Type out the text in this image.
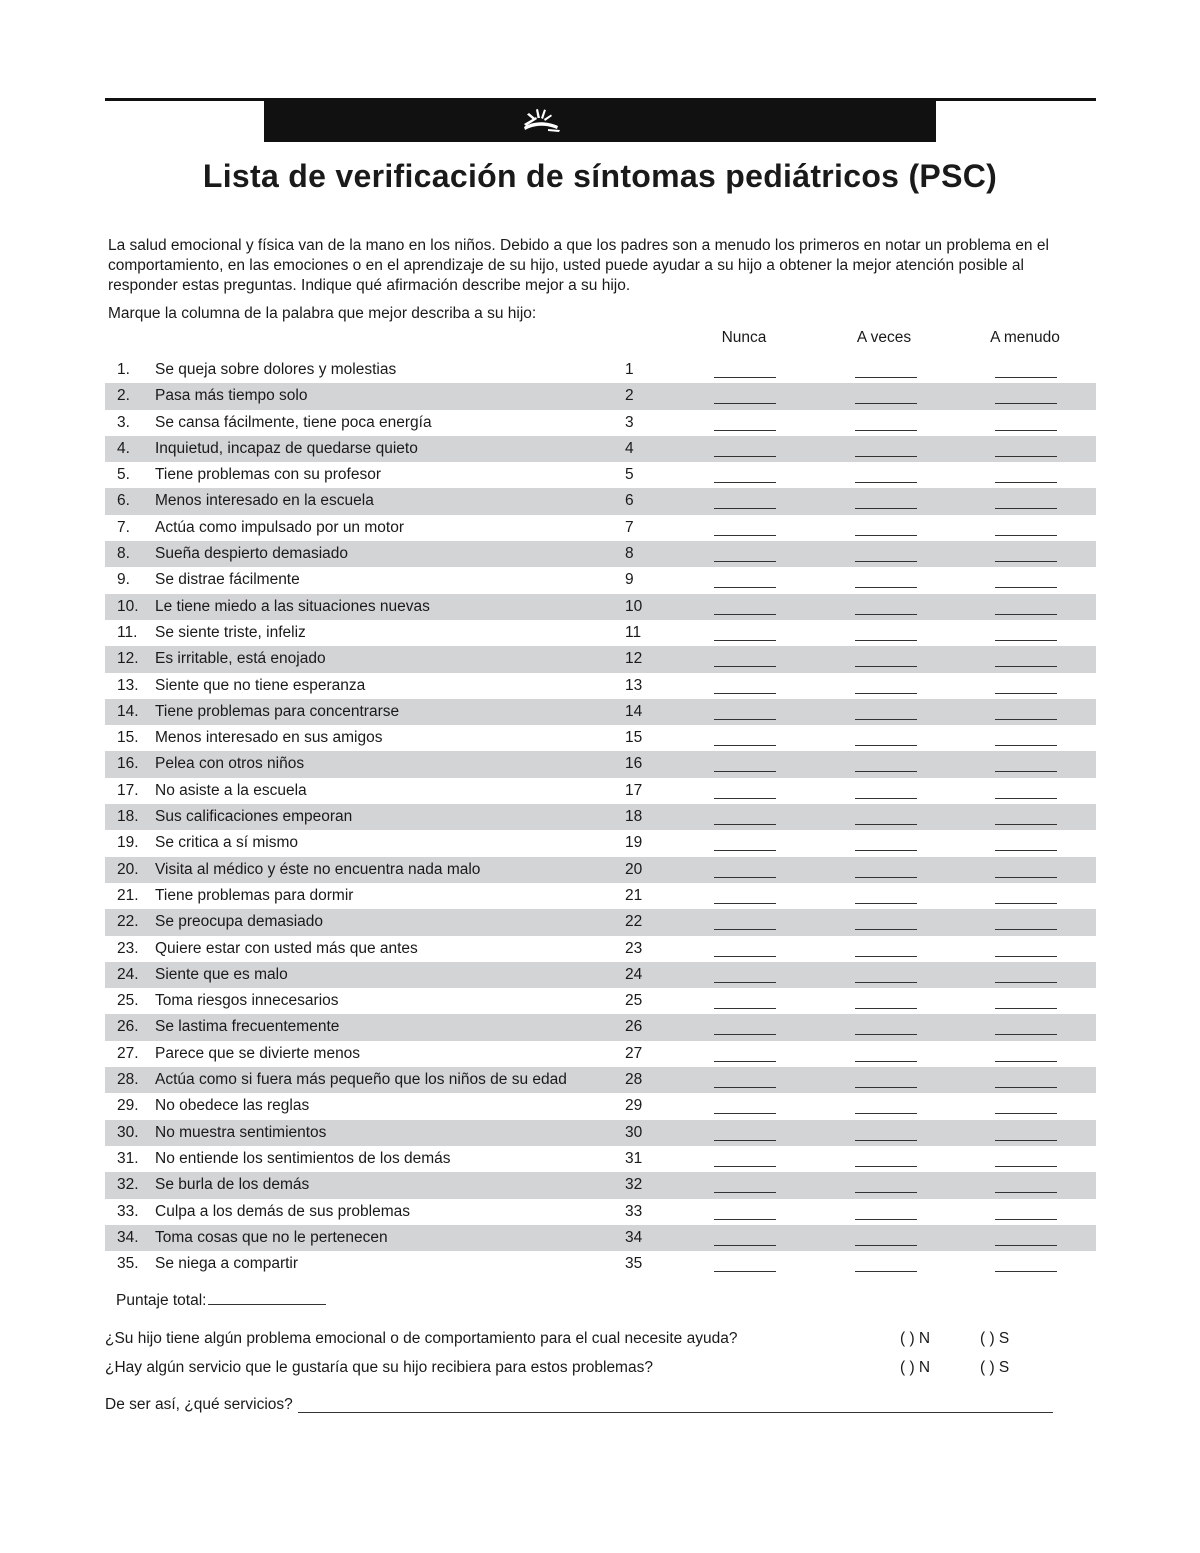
Lista de verificación de síntomas pediátricos (PSC)
La salud emocional y física van de la mano en los niños. Debido a que los padres son a menudo los primeros en notar un problema en el comportamiento, en las emociones o en el aprendizaje de su hijo, usted puede ayudar a su hijo a obtener la mejor atención posible al responder estas preguntas. Indique qué afirmación describe mejor a su hijo.
Marque la columna de la palabra que mejor describa a su hijo:
Nunca	A veces	A menudo
1. Se queja sobre dolores y molestias	1
2. Pasa más tiempo solo	2
3. Se cansa fácilmente, tiene poca energía	3
4. Inquietud, incapaz de quedarse quieto	4
5. Tiene problemas con su profesor	5
6. Menos interesado en la escuela	6
7. Actúa como impulsado por un motor	7
8. Sueña despierto demasiado	8
9. Se distrae fácilmente	9
10. Le tiene miedo a las situaciones nuevas	10
11. Se siente triste, infeliz	11
12. Es irritable, está enojado	12
13. Siente que no tiene esperanza	13
14. Tiene problemas para concentrarse	14
15. Menos interesado en sus amigos	15
16. Pelea con otros niños	16
17. No asiste a la escuela	17
18. Sus calificaciones empeoran	18
19. Se critica a sí mismo	19
20. Visita al médico y éste no encuentra nada malo	20
21. Tiene problemas para dormir	21
22. Se preocupa demasiado	22
23. Quiere estar con usted más que antes	23
24. Siente que es malo	24
25. Toma riesgos innecesarios	25
26. Se lastima frecuentemente	26
27. Parece que se divierte menos	27
28. Actúa como si fuera más pequeño que los niños de su edad	28
29. No obedece las reglas	29
30. No muestra sentimientos	30
31. No entiende los sentimientos de los demás	31
32. Se burla de los demás	32
33. Culpa a los demás de sus problemas	33
34. Toma cosas que no le pertenecen	34
35. Se niega a compartir	35
Puntaje total:
¿Su hijo tiene algún problema emocional o de comportamiento para el cual necesite ayuda?	( ) N	( ) S
¿Hay algún servicio que le gustaría que su hijo recibiera para estos problemas?	( ) N	( ) S
De ser así, ¿qué servicios?
